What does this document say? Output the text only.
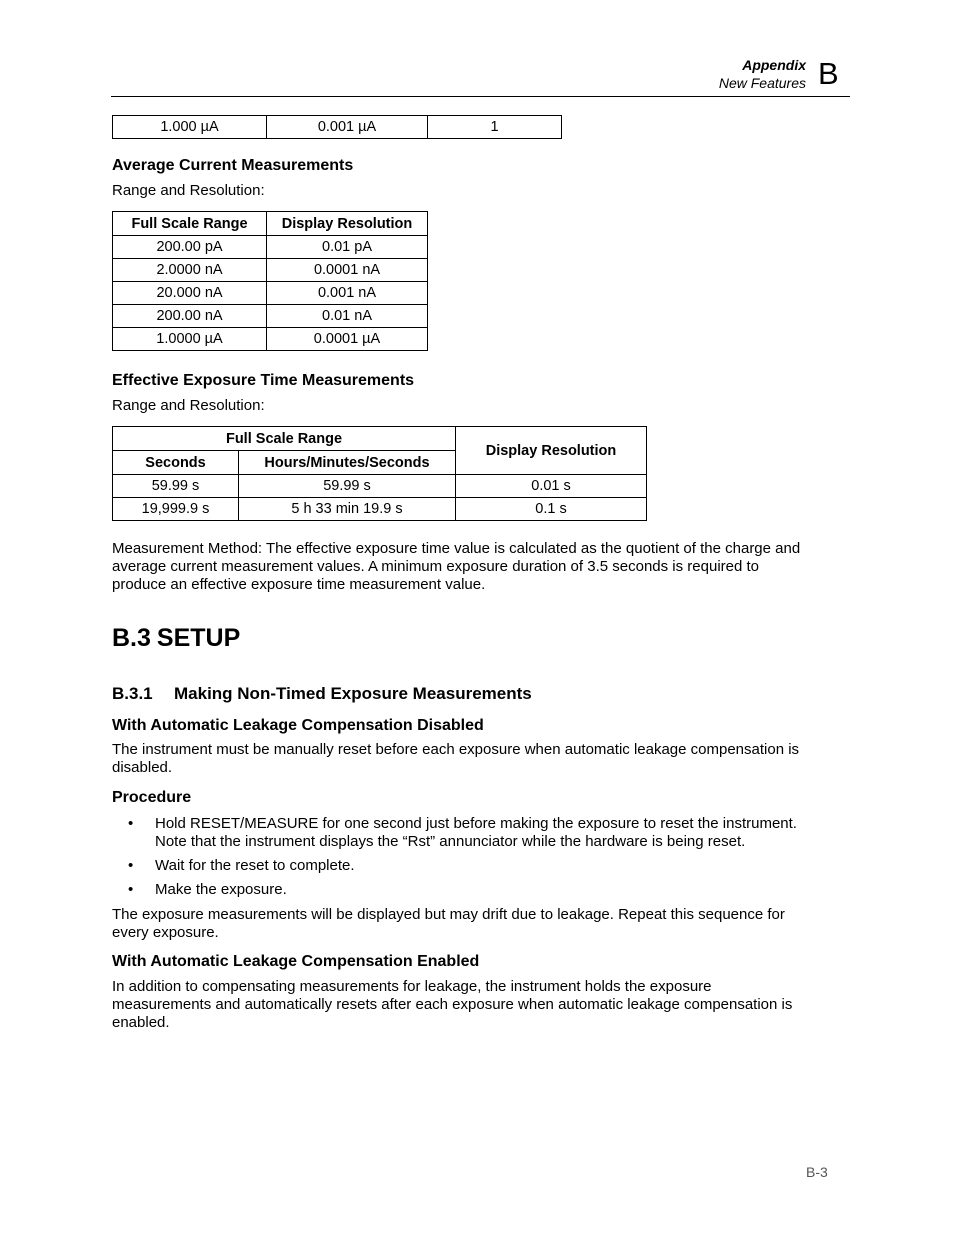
Appendix
New Features B
1.000 µA	0.001 µA	1
Average Current Measurements
Range and Resolution:
Full Scale Range	Display Resolution
200.00 pA	0.01 pA
2.0000 nA	0.0001 nA
20.000 nA	0.001 nA
200.00 nA	0.01 nA
1.0000 µA	0.0001 µA
Effective Exposure Time Measurements
Range and Resolution:
Full Scale Range		Display Resolution
Seconds	Hours/Minutes/Seconds	
59.99 s	59.99 s	0.01 s
19,999.9 s	5 h 33 min 19.9 s	0.1 s
Measurement Method: The effective exposure time value is calculated as the quotient of the charge and
average current measurement values. A minimum exposure duration of 3.5 seconds is required to
produce an effective exposure time measurement value.
B.3 SETUP
B.3.1 Making Non-Timed Exposure Measurements
With Automatic Leakage Compensation Disabled
The instrument must be manually reset before each exposure when automatic leakage compensation is
disabled.
Procedure
• Hold RESET/MEASURE for one second just before making the exposure to reset the instrument.
Note that the instrument displays the “Rst” annunciator while the hardware is being reset.
• Wait for the reset to complete.
• Make the exposure.
The exposure measurements will be displayed but may drift due to leakage. Repeat this sequence for
every exposure.
With Automatic Leakage Compensation Enabled
In addition to compensating measurements for leakage, the instrument holds the exposure
measurements and automatically resets after each exposure when automatic leakage compensation is
enabled.
B-3
